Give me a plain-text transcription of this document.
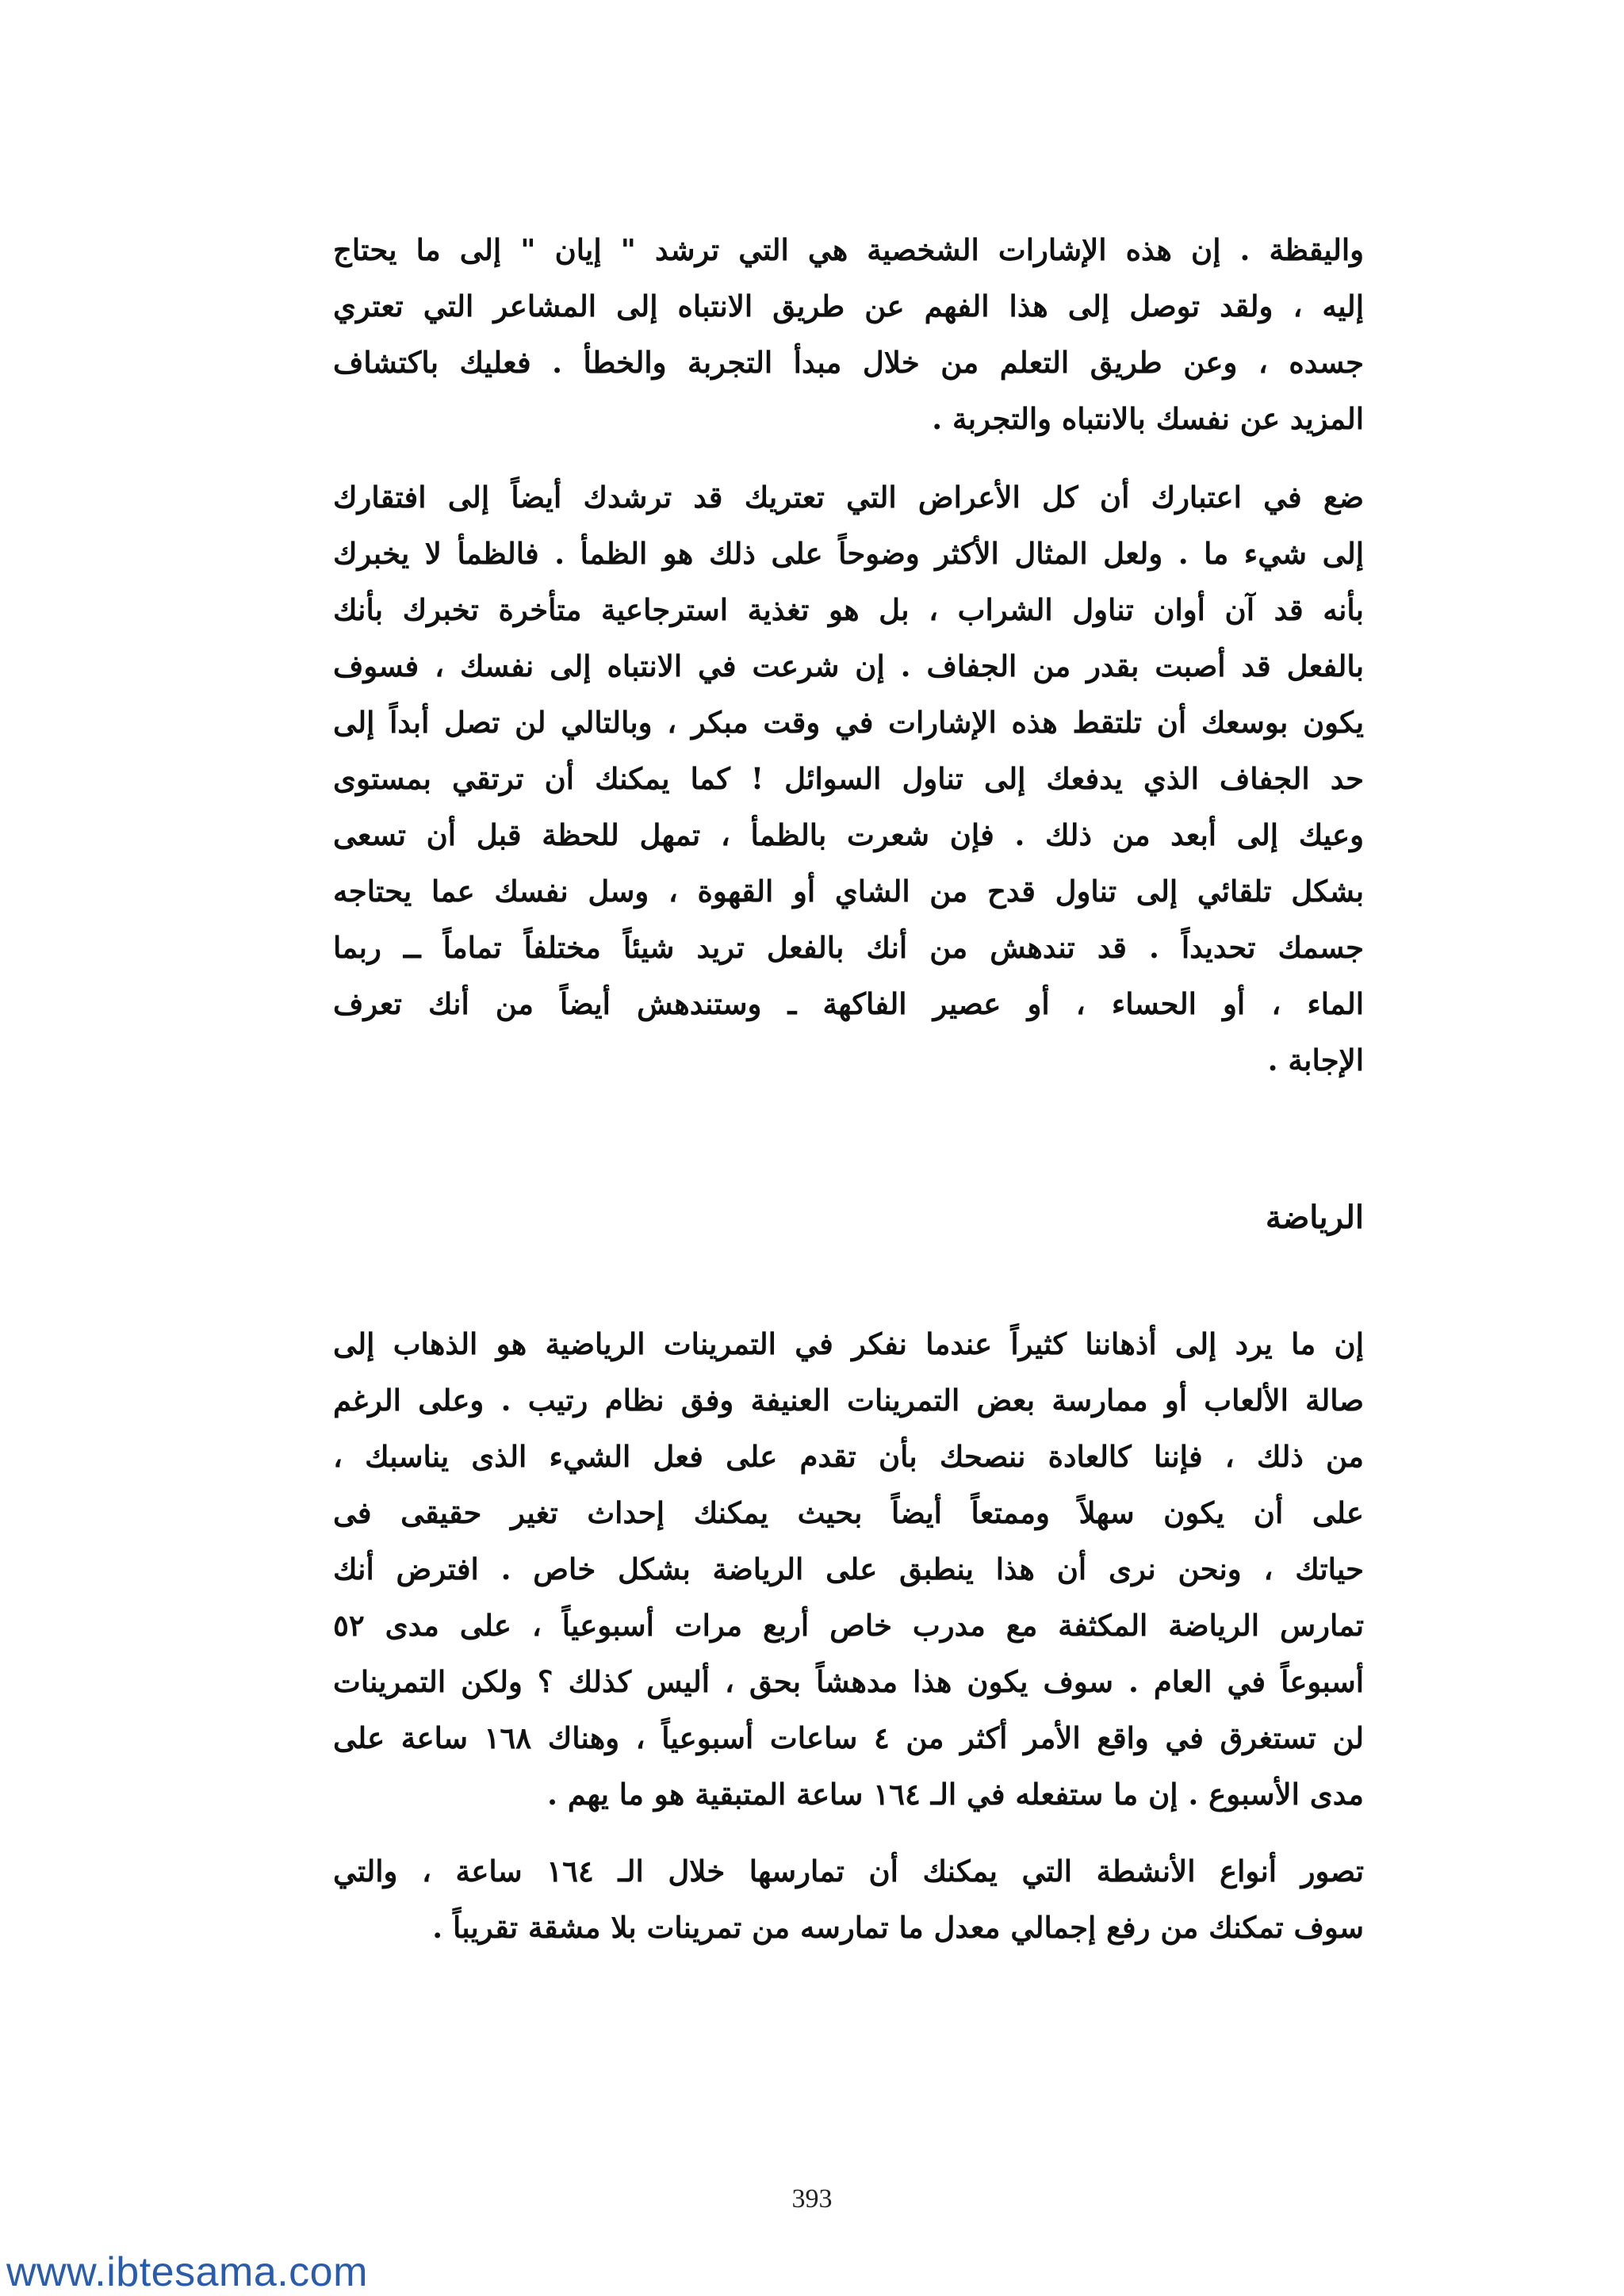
واليقظة . إن هذه الإشارات الشخصية هي التي ترشد " إيان " إلى ما يحتاج
إليه ، ولقد توصل إلى هذا الفهم عن طريق الانتباه إلى المشاعر التي تعتري
جسده ، وعن طريق التعلم من خلال مبدأ التجربة والخطأ . فعليك باكتشاف
المزيد عن نفسك بالانتباه والتجربة .
ضع في اعتبارك أن كل الأعراض التي تعتريك قد ترشدك أيضاً إلى افتقارك
إلى شيء ما . ولعل المثال الأكثر وضوحاً على ذلك هو الظمأ . فالظمأ لا يخبرك
بأنه قد آن أوان تناول الشراب ، بل هو تغذية استرجاعية متأخرة تخبرك بأنك
بالفعل قد أصبت بقدر من الجفاف . إن شرعت في الانتباه إلى نفسك ، فسوف
يكون بوسعك أن تلتقط هذه الإشارات في وقت مبكر ، وبالتالي لن تصل أبداً إلى
حد الجفاف الذي يدفعك إلى تناول السوائل ! كما يمكنك أن ترتقي بمستوى
وعيك إلى أبعد من ذلك . فإن شعرت بالظمأ ، تمهل للحظة قبل أن تسعى
بشكل تلقائي إلى تناول قدح من الشاي أو القهوة ، وسل نفسك عما يحتاجه
جسمك تحديداً . قد تندهش من أنك بالفعل تريد شيئاً مختلفاً تماماً ــ ربما
الماء ، أو الحساء ، أو عصير الفاكهة ـ وستندهش أيضاً من أنك تعرف
الإجابة .
الرياضة
إن ما يرد إلى أذهاننا كثيراً عندما نفكر في التمرينات الرياضية هو الذهاب إلى
صالة الألعاب أو ممارسة بعض التمرينات العنيفة وفق نظام رتيب . وعلى الرغم
من ذلك ، فإننا كالعادة ننصحك بأن تقدم على فعل الشيء الذى يناسبك ،
على أن يكون سهلاً وممتعاً أيضاً بحيث يمكنك إحداث تغير حقيقى فى
حياتك ، ونحن نرى أن هذا ينطبق على الرياضة بشكل خاص . افترض أنك
تمارس الرياضة المكثفة مع مدرب خاص أربع مرات أسبوعياً ، على مدى ٥٢
أسبوعاً في العام . سوف يكون هذا مدهشاً بحق ، أليس كذلك ؟ ولكن التمرينات
لن تستغرق في واقع الأمر أكثر من ٤ ساعات أسبوعياً ، وهناك ١٦٨ ساعة على
مدى الأسبوع . إن ما ستفعله في الـ ١٦٤ ساعة المتبقية هو ما يهم .
تصور أنواع الأنشطة التي يمكنك أن تمارسها خلال الـ ١٦٤ ساعة ، والتي
سوف تمكنك من رفع إجمالي معدل ما تمارسه من تمرينات بلا مشقة تقريباً .
393
www.ibtesama.com
